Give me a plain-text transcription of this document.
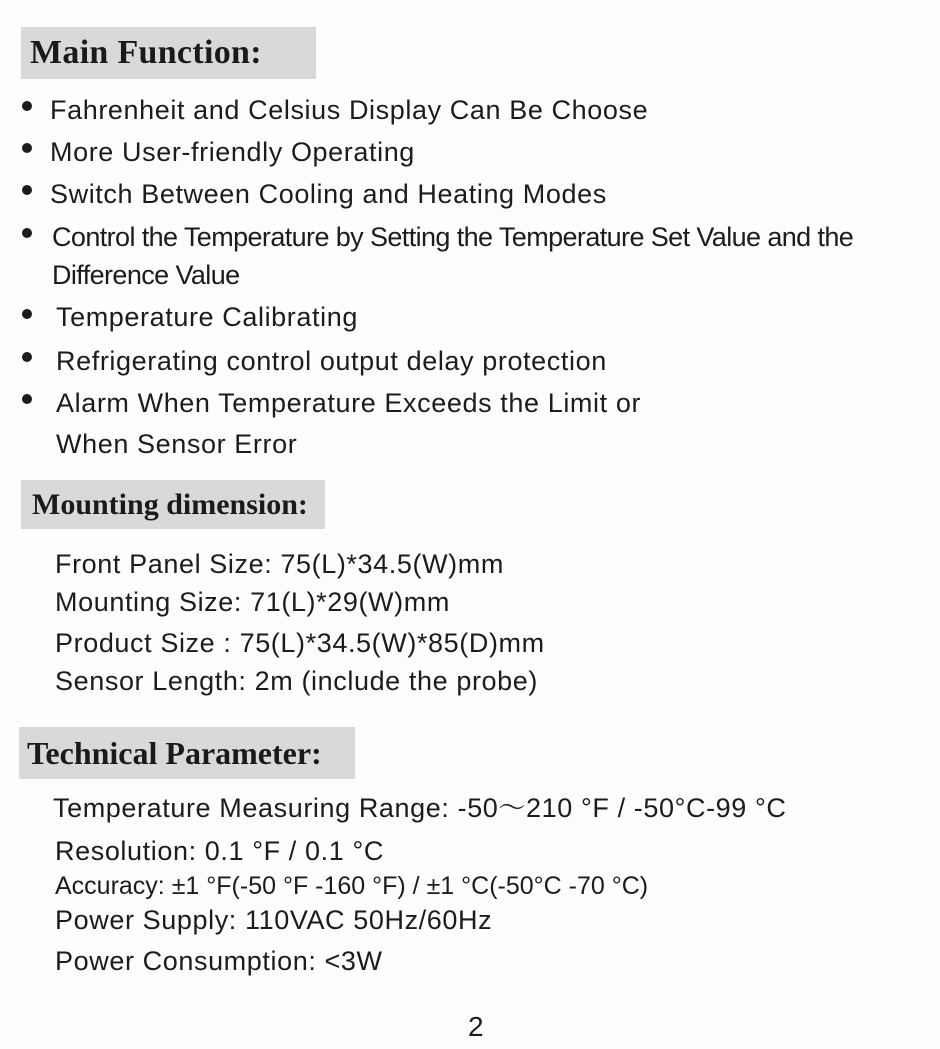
Main Function:
Fahrenheit and Celsius Display Can Be Choose
More User-friendly Operating
Switch Between Cooling and Heating Modes
Control the Temperature by Setting the Temperature Set Value and the
Difference Value
Temperature Calibrating
Refrigerating control output delay protection
Alarm When Temperature Exceeds the Limit or
When Sensor Error
Mounting dimension:
Front Panel Size: 75(L)*34.5(W)mm
Mounting Size: 71(L)*29(W)mm
Product Size : 75(L)*34.5(W)*85(D)mm
Sensor Length: 2m (include the probe)
Technical Parameter:
Temperature Measuring Range: -50～210 °F / -50°C-99 °C
Resolution: 0.1 °F / 0.1 °C
Accuracy: ±1 °F(-50 °F -160 °F) / ±1 °C(-50°C -70 °C)
Power Supply: 110VAC 50Hz/60Hz
Power Consumption: <3W
2
